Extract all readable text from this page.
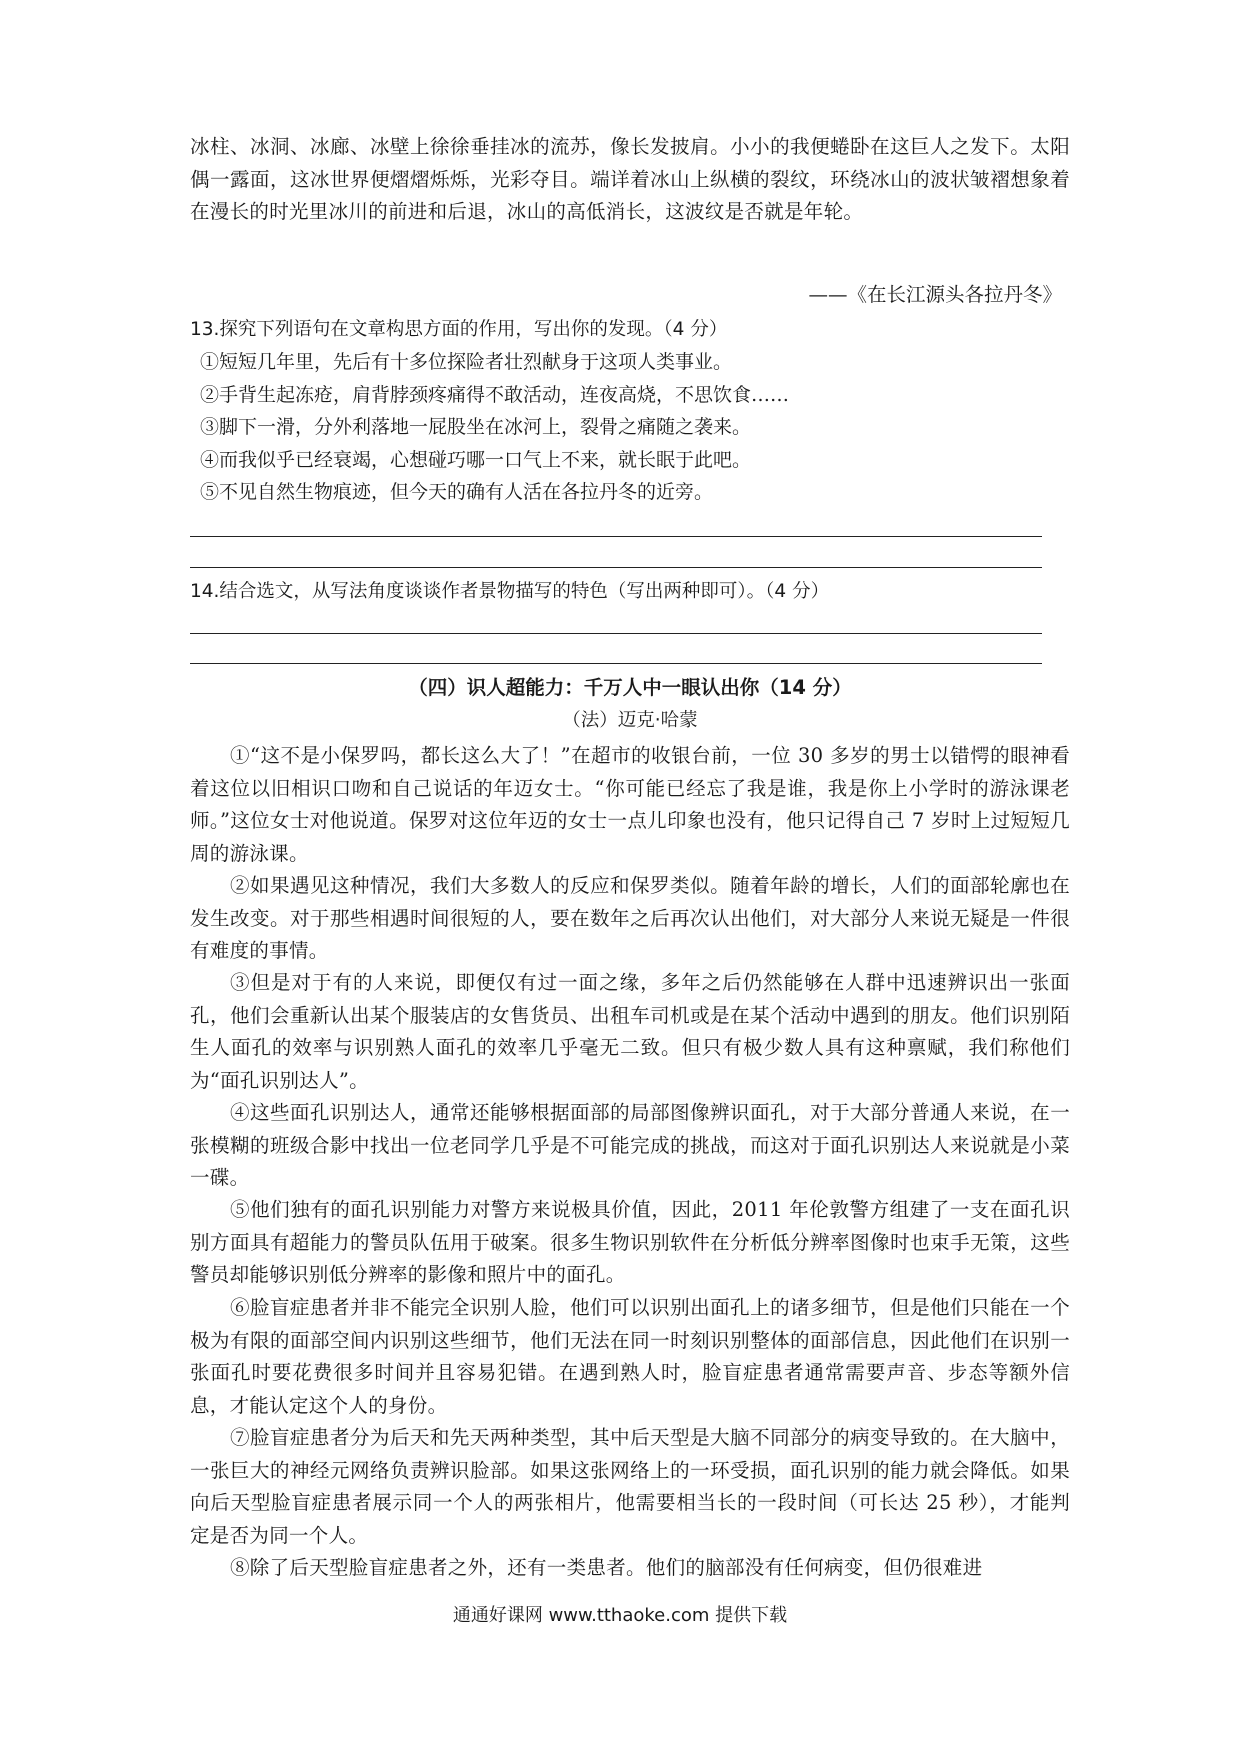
冰柱、冰洞、冰廊、冰壁上徐徐垂挂冰的流苏，像长发披肩。小小的我便蜷卧在这巨人之发下。太阳偶一露面，这冰世界便熠熠烁烁，光彩夺目。端详着冰山上纵横的裂纹，环绕冰山的波状皱褶想象着在漫长的时光里冰川的前进和后退，冰山的高低消长，这波纹是否就是年轮。
——《在长江源头各拉丹冬》
13.探究下列语句在文章构思方面的作用，写出你的发现。（4 分）
①短短几年里，先后有十多位探险者壮烈献身于这项人类事业。
②手背生起冻疮，肩背脖颈疼痛得不敢活动，连夜高烧，不思饮食……
③脚下一滑，分外利落地一屁股坐在冰河上，裂骨之痛随之袭来。
④而我似乎已经衰竭，心想碰巧哪一口气上不来，就长眠于此吧。
⑤不见自然生物痕迹，但今天的确有人活在各拉丹冬的近旁。
14.结合选文，从写法角度谈谈作者景物描写的特色（写出两种即可）。（4 分）
（四）识人超能力：千万人中一眼认出你（14 分）
（法）迈克·哈蒙
①“这不是小保罗吗，都长这么大了！”在超市的收银台前，一位 30 多岁的男士以错愕的眼神看着这位以旧相识口吻和自己说话的年迈女士。“你可能已经忘了我是谁，我是你上小学时的游泳课老师。”这位女士对他说道。保罗对这位年迈的女士一点儿印象也没有，他只记得自己 7 岁时上过短短几周的游泳课。
②如果遇见这种情况，我们大多数人的反应和保罗类似。随着年龄的增长，人们的面部轮廓也在发生改变。对于那些相遇时间很短的人，要在数年之后再次认出他们，对大部分人来说无疑是一件很有难度的事情。
③但是对于有的人来说，即便仅有过一面之缘，多年之后仍然能够在人群中迅速辨识出一张面孔，他们会重新认出某个服装店的女售货员、出租车司机或是在某个活动中遇到的朋友。他们识别陌生人面孔的效率与识别熟人面孔的效率几乎毫无二致。但只有极少数人具有这种禀赋，我们称他们为“面孔识别达人”。
④这些面孔识别达人，通常还能够根据面部的局部图像辨识面孔，对于大部分普通人来说，在一张模糊的班级合影中找出一位老同学几乎是不可能完成的挑战，而这对于面孔识别达人来说就是小菜一碟。
⑤他们独有的面孔识别能力对警方来说极具价值，因此，2011 年伦敦警方组建了一支在面孔识别方面具有超能力的警员队伍用于破案。很多生物识别软件在分析低分辨率图像时也束手无策，这些警员却能够识别低分辨率的影像和照片中的面孔。
⑥脸盲症患者并非不能完全识别人脸，他们可以识别出面孔上的诸多细节，但是他们只能在一个极为有限的面部空间内识别这些细节，他们无法在同一时刻识别整体的面部信息，因此他们在识别一张面孔时要花费很多时间并且容易犯错。在遇到熟人时，脸盲症患者通常需要声音、步态等额外信息，才能认定这个人的身份。
⑦脸盲症患者分为后天和先天两种类型，其中后天型是大脑不同部分的病变导致的。在大脑中，一张巨大的神经元网络负责辨识脸部。如果这张网络上的一环受损，面孔识别的能力就会降低。如果向后天型脸盲症患者展示同一个人的两张相片，他需要相当长的一段时间（可长达 25 秒），才能判定是否为同一个人。
⑧除了后天型脸盲症患者之外，还有一类患者。他们的脑部没有任何病变，但仍很难进
通通好课网 www.tthaoke.com 提供下载
